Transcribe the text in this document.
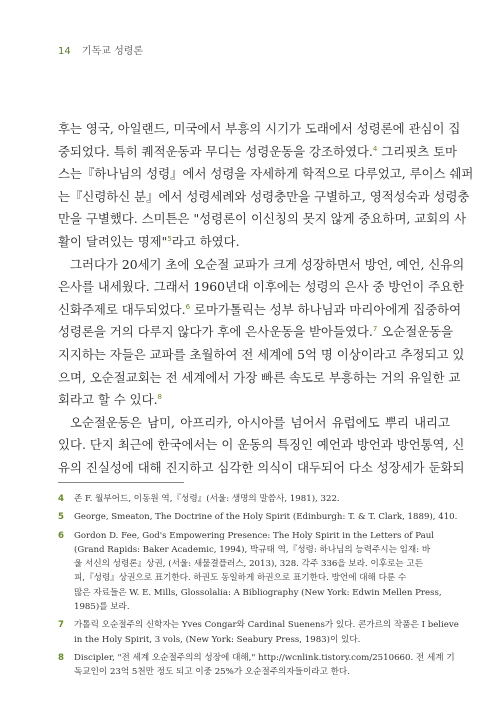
14 기독교 성령론
후는 영국, 아일랜드, 미국에서 부흥의 시기가 도래에서 성령론에 관심이 집
중되었다. 특히 퀘적운동과 무디는 성령운동을 강조하였다.$^4$ 그리핏츠 토마
스는『하나님의 성령』에서 성령을 자세하게 학적으로 다루었고, 루이스 쉐퍼
는『신령하신 분』에서 성령세례와 성령충만을 구별하고, 영적성숙과 성령충
만을 구별했다. 스미튼은 "성령론이 이신칭의 못지 않게 중요하며, 교회의 사
활이 달려있는 명제"$^5$라고 하였다.
그러다가 20세기 초에 오순절 교파가 크게 성장하면서 방언, 예언, 신유의
은사를 내세웠다. 그래서 1960년대 이후에는 성령의 은사 중 방언이 주요한
신화주제로 대두되었다.$^6$ 로마가톨릭는 성부 하나님과 마리아에게 집중하여
성령론을 거의 다루지 않다가 후에 은사운동을 받아들였다.$^7$ 오순절운동을
지지하는 자들은 교파를 초월하여 전 세계에 5억 명 이상이라고 추정되고 있
으며, 오순절교회는 전 세계에서 가장 빠른 속도로 부흥하는 거의 유일한 교
회라고 할 수 있다.$^8$
오순절운동은 남미, 아프리카, 아시아를 넘어서 유럽에도 뿌리 내리고
있다. 단지 최근에 한국에서는 이 운동의 특징인 예언과 방언과 방언통역, 신
유의 진실성에 대해 진지하고 심각한 의식이 대두되어 다소 성장세가 둔화되
4 존 F. 월부어드, 이동원 역,『성령』(서울: 생명의 말씀사, 1981), 322.
5 George, Smeaton, The Doctrine of the Holy Spirit (Edinburgh: T. & T. Clark, 1889), 410.
6 Gordon D. Fee, God's Empowering Presence: The Holy Spirit in the Letters of Paul
(Grand Rapids: Baker Academic, 1994), 박규태 역,『성령: 하나님의 능력주시는 임재: 바
울 서신의 성령론』상권, (서울: 새물결플러스, 2013), 328. 각주 336을 보라. 이후로는 고든
피,『성령』상권으로 표기한다. 하권도 동일하게 하권으로 표기한다. 방언에 대해 다룬 수
많은 자료들은 W. E. Mills, Glossolalia: A Bibliography (New York: Edwin Mellen Press,
1985)를 보라.
7 가톨릭 오순절주의 신학자는 Yves Congar와 Cardinal Suenens가 있다. 콘가르의 작품은 I believe
in the Holy Spirit, 3 vols, (New York: Seabury Press, 1983)이 있다.
8 Discipler, "전 세계 오순절주의의 성장에 대해," http://wcnlink.tistory.com/2510660. 전 세계 기
독교인이 23억 5천만 정도 되고 이중 25%가 오순절주의자들이라고 한다.
